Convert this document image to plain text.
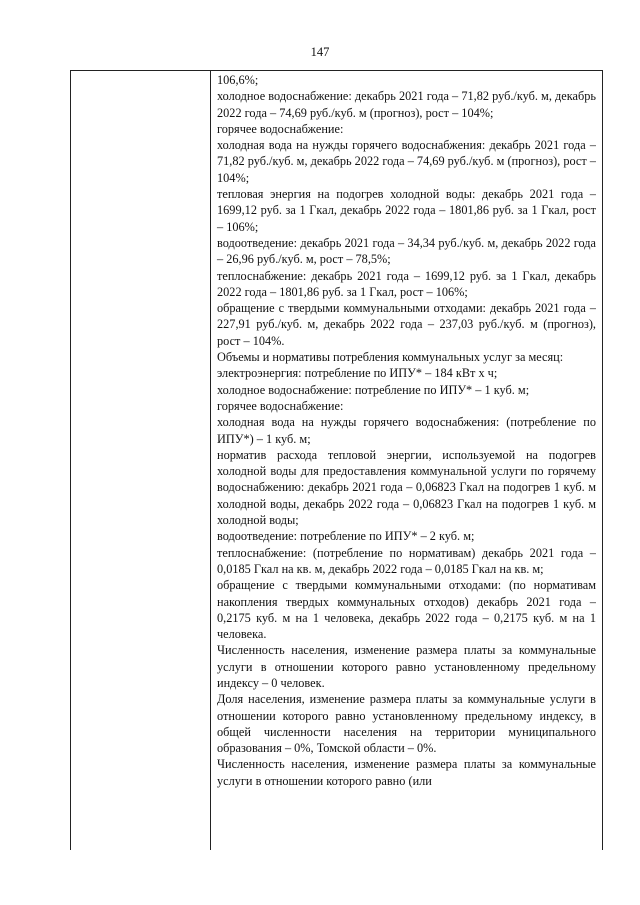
147

106,6%;

холодное водоснабжение: декабрь 2021 года – 71,82 руб./куб. м, декабрь 2022 года – 74,69 руб./куб. м (прогноз), рост – 104%;

горячее водоснабжение:

холодная вода на нужды горячего водоснабжения: декабрь 2021 года – 71,82 руб./куб. м, декабрь 2022 года – 74,69 руб./куб. м (прогноз), рост – 104%;

тепловая энергия на подогрев холодной воды: декабрь 2021 года – 1699,12 руб. за 1 Гкал, декабрь 2022 года – 1801,86 руб. за 1 Гкал, рост – 106%;

водоотведение: декабрь 2021 года – 34,34 руб./куб. м, декабрь 2022 года – 26,96 руб./куб. м, рост – 78,5%;

теплоснабжение: декабрь 2021 года – 1699,12 руб. за 1 Гкал, декабрь 2022 года – 1801,86 руб. за 1 Гкал, рост – 106%;

обращение с твердыми коммунальными отходами: декабрь 2021 года – 227,91 руб./куб. м, декабрь 2022 года – 237,03 руб./куб. м (прогноз), рост – 104%.

Объемы и нормативы потребления коммунальных услуг за месяц:

электроэнергия: потребление по ИПУ* – 184 кВт х ч;

холодное водоснабжение: потребление по ИПУ* – 1 куб. м;

горячее водоснабжение:

холодная вода на нужды горячего водоснабжения: (потребление по ИПУ*) – 1 куб. м;

норматив расхода тепловой энергии, используемой на подогрев холодной воды для предоставления коммунальной услуги по горячему водоснабжению: декабрь 2021 года – 0,06823 Гкал на подогрев 1 куб. м холодной воды, декабрь 2022 года – 0,06823 Гкал на подогрев 1 куб. м холодной воды;

водоотведение: потребление по ИПУ* – 2 куб. м;

теплоснабжение: (потребление по нормативам) декабрь 2021 года – 0,0185 Гкал на кв. м, декабрь 2022 года – 0,0185 Гкал на кв. м;

обращение с твердыми коммунальными отходами: (по нормативам накопления твердых коммунальных отходов) декабрь 2021 года – 0,2175 куб. м на 1 человека, декабрь 2022 года – 0,2175 куб. м на 1 человека.

Численность населения, изменение размера платы за коммунальные услуги в отношении которого равно установленному предельному индексу – 0 человек.

Доля населения, изменение размера платы за коммунальные услуги в отношении которого равно установленному предельному индексу, в общей численности населения на территории муниципального образования – 0%, Томской области – 0%.

Численность населения, изменение размера платы за коммунальные услуги в отношении которого равно (или
